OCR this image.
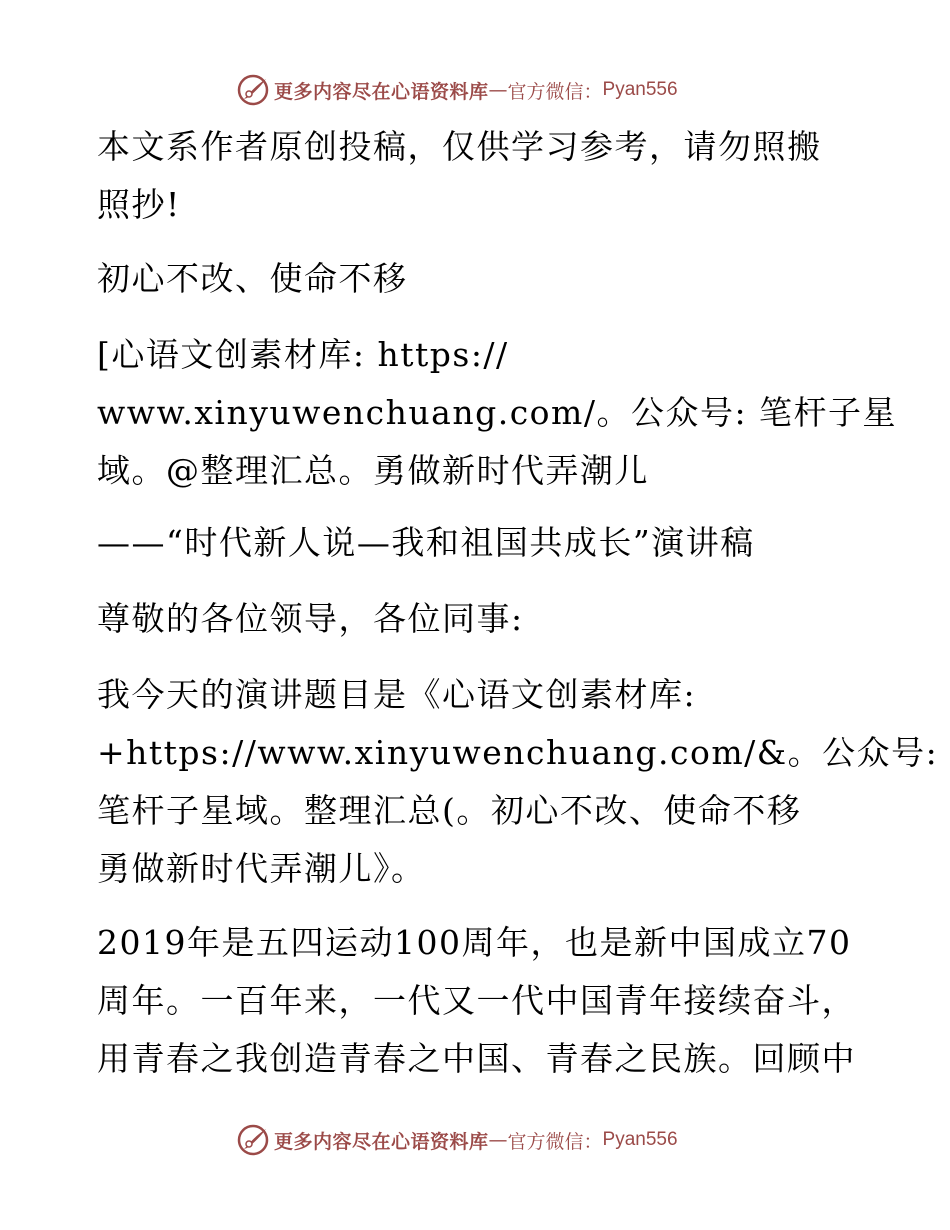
更多内容尽在心语资料库 — 官方微信： Pyan556
本文系作者原创投稿，仅供学习参考，请勿照搬
照抄!
初心不改、使命不移
[心语文创素材库: https://
www.xinyuwenchuang.com/。公众号: 笔杆子星
域。@整理汇总。勇做新时代弄潮儿
——“时代新人说—我和祖国共成长”演讲稿
尊敬的各位领导，各位同事:
我今天的演讲题目是《心语文创素材库:
+https://www.xinyuwenchuang.com/&。公众号:
笔杆子星域。整理汇总(。初心不改、使命不移
勇做新时代弄潮儿》。
2019年是五四运动100周年，也是新中国成立70
周年。一百年来，一代又一代中国青年接续奋斗，
用青春之我创造青春之中国、青春之民族。回顾中
更多内容尽在心语资料库 — 官方微信： Pyan556
